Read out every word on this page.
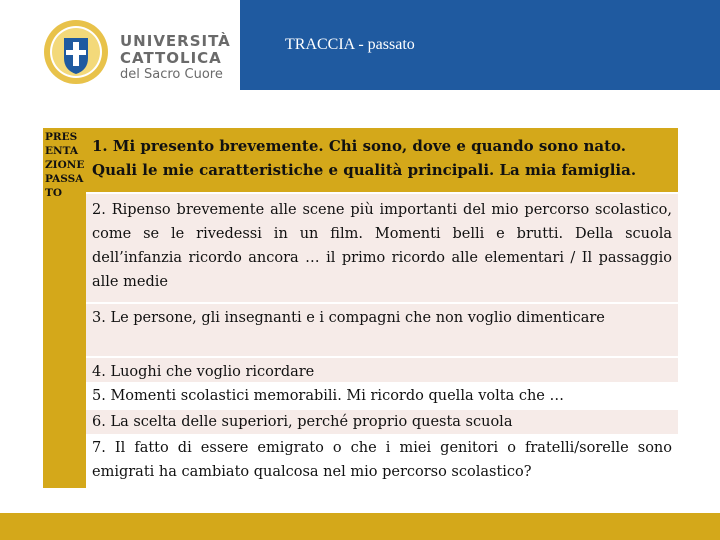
TRACCIA - passato
UNIVERSITÀ
CATTOLICA
del Sacro Cuore
PRESENTAZIONE PASSATO
1. Mi presento brevemente. Chi sono, dove e quando sono nato. Quali le mie caratteristiche e qualità principali. La mia famiglia.
2. Ripenso brevemente alle scene più importanti del mio percorso scolastico, come se le rivedessi in un film. Momenti belli e brutti. Della scuola dell’infanzia ricordo ancora … il primo ricordo alle elementari / Il passaggio alle medie
3. Le persone, gli insegnanti e i compagni che non voglio dimenticare
4. Luoghi che voglio ricordare
5. Momenti scolastici memorabili. Mi ricordo quella volta che …
6. La scelta delle superiori, perché proprio questa scuola
7. Il fatto di essere emigrato o che i miei genitori o fratelli/sorelle sono emigrati ha cambiato qualcosa nel mio percorso scolastico?
